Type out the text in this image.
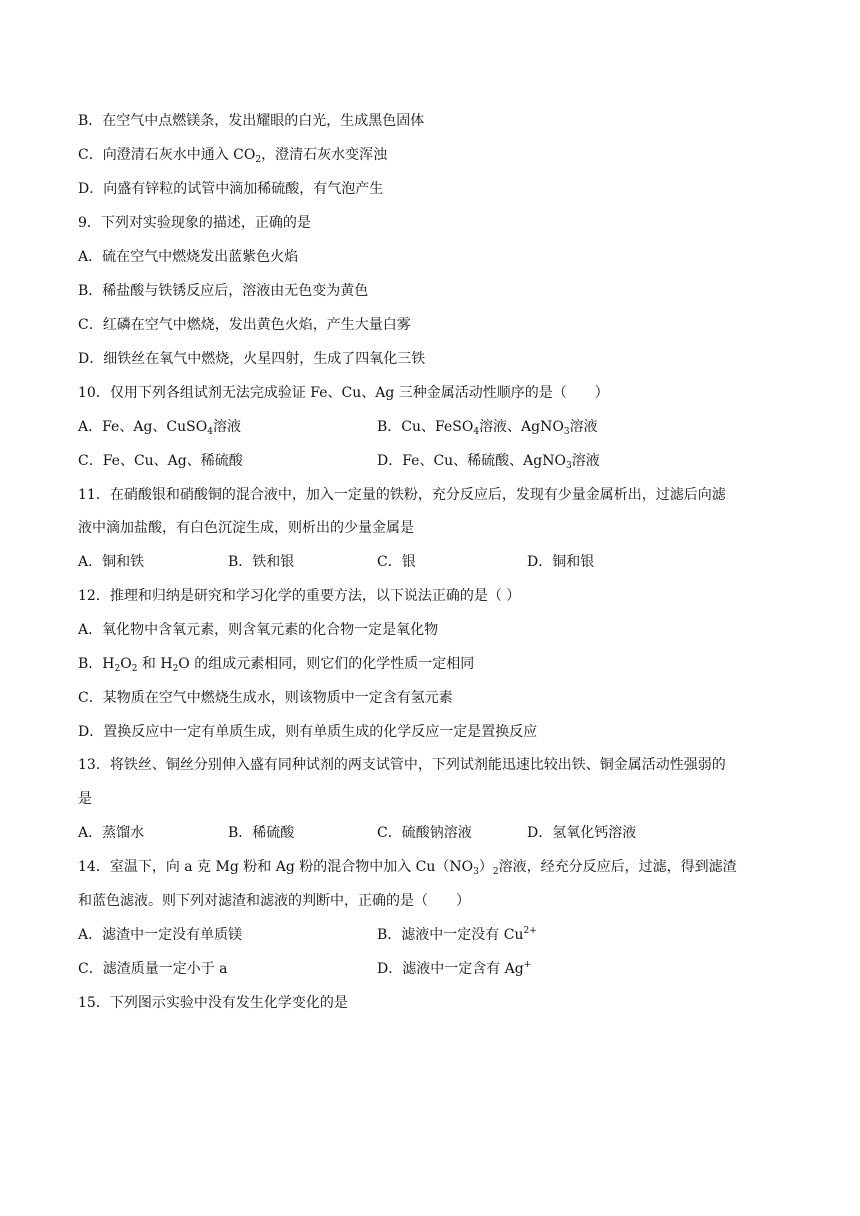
B．在空气中点燃镁条，发出耀眼的白光，生成黑色固体
C．向澄清石灰水中通入 $CO_2$，澄清石灰水变浑浊
D．向盛有锌粒的试管中滴加稀硫酸，有气泡产生
9．下列对实验现象的描述，正确的是
A．硫在空气中燃烧发出蓝紫色火焰
B．稀盐酸与铁锈反应后，溶液由无色变为黄色
C．红磷在空气中燃烧，发出黄色火焰，产生大量白雾
D．细铁丝在氧气中燃烧，火星四射，生成了四氧化三铁
10．仅用下列各组试剂无法完成验证 Fe、Cu、Ag 三种金属活动性顺序的是（　　）
A．Fe、Ag、CuSO$_4$溶液	B．Cu、FeSO$_4$溶液、AgNO$_3$溶液
C．Fe、Cu、Ag、稀硫酸	D．Fe、Cu、稀硫酸、AgNO$_3$溶液
11．在硝酸银和硝酸铜的混合液中，加入一定量的铁粉，充分反应后，发现有少量金属析出，过滤后向滤
液中滴加盐酸，有白色沉淀生成，则析出的少量金属是
A．铜和铁	B．铁和银	C．银	D．铜和银
12．推理和归纳是研究和学习化学的重要方法，以下说法正确的是（ ）
A．氧化物中含氧元素，则含氧元素的化合物一定是氧化物
B．$H_2O_2$ 和 $H_2O$ 的组成元素相同，则它们的化学性质一定相同
C．某物质在空气中燃烧生成水，则该物质中一定含有氢元素
D．置换反应中一定有单质生成，则有单质生成的化学反应一定是置换反应
13．将铁丝、铜丝分别伸入盛有同种试剂的两支试管中，下列试剂能迅速比较出铁、铜金属活动性强弱的
是
A．蒸馏水	B．稀硫酸	C．硫酸钠溶液	D．氢氧化钙溶液
14．室温下，向 a 克 Mg 粉和 Ag 粉的混合物中加入 $Cu(NO_3)_2$溶液，经充分反应后，过滤，得到滤渣
和蓝色滤液。则下列对滤渣和滤液的判断中，正确的是（　　）
A．滤渣中一定没有单质镁	B．滤液中一定没有 $Cu^{2+}$
C．滤渣质量一定小于 a	D．滤液中一定含有 Ag+
15．下列图示实验中没有发生化学变化的是
